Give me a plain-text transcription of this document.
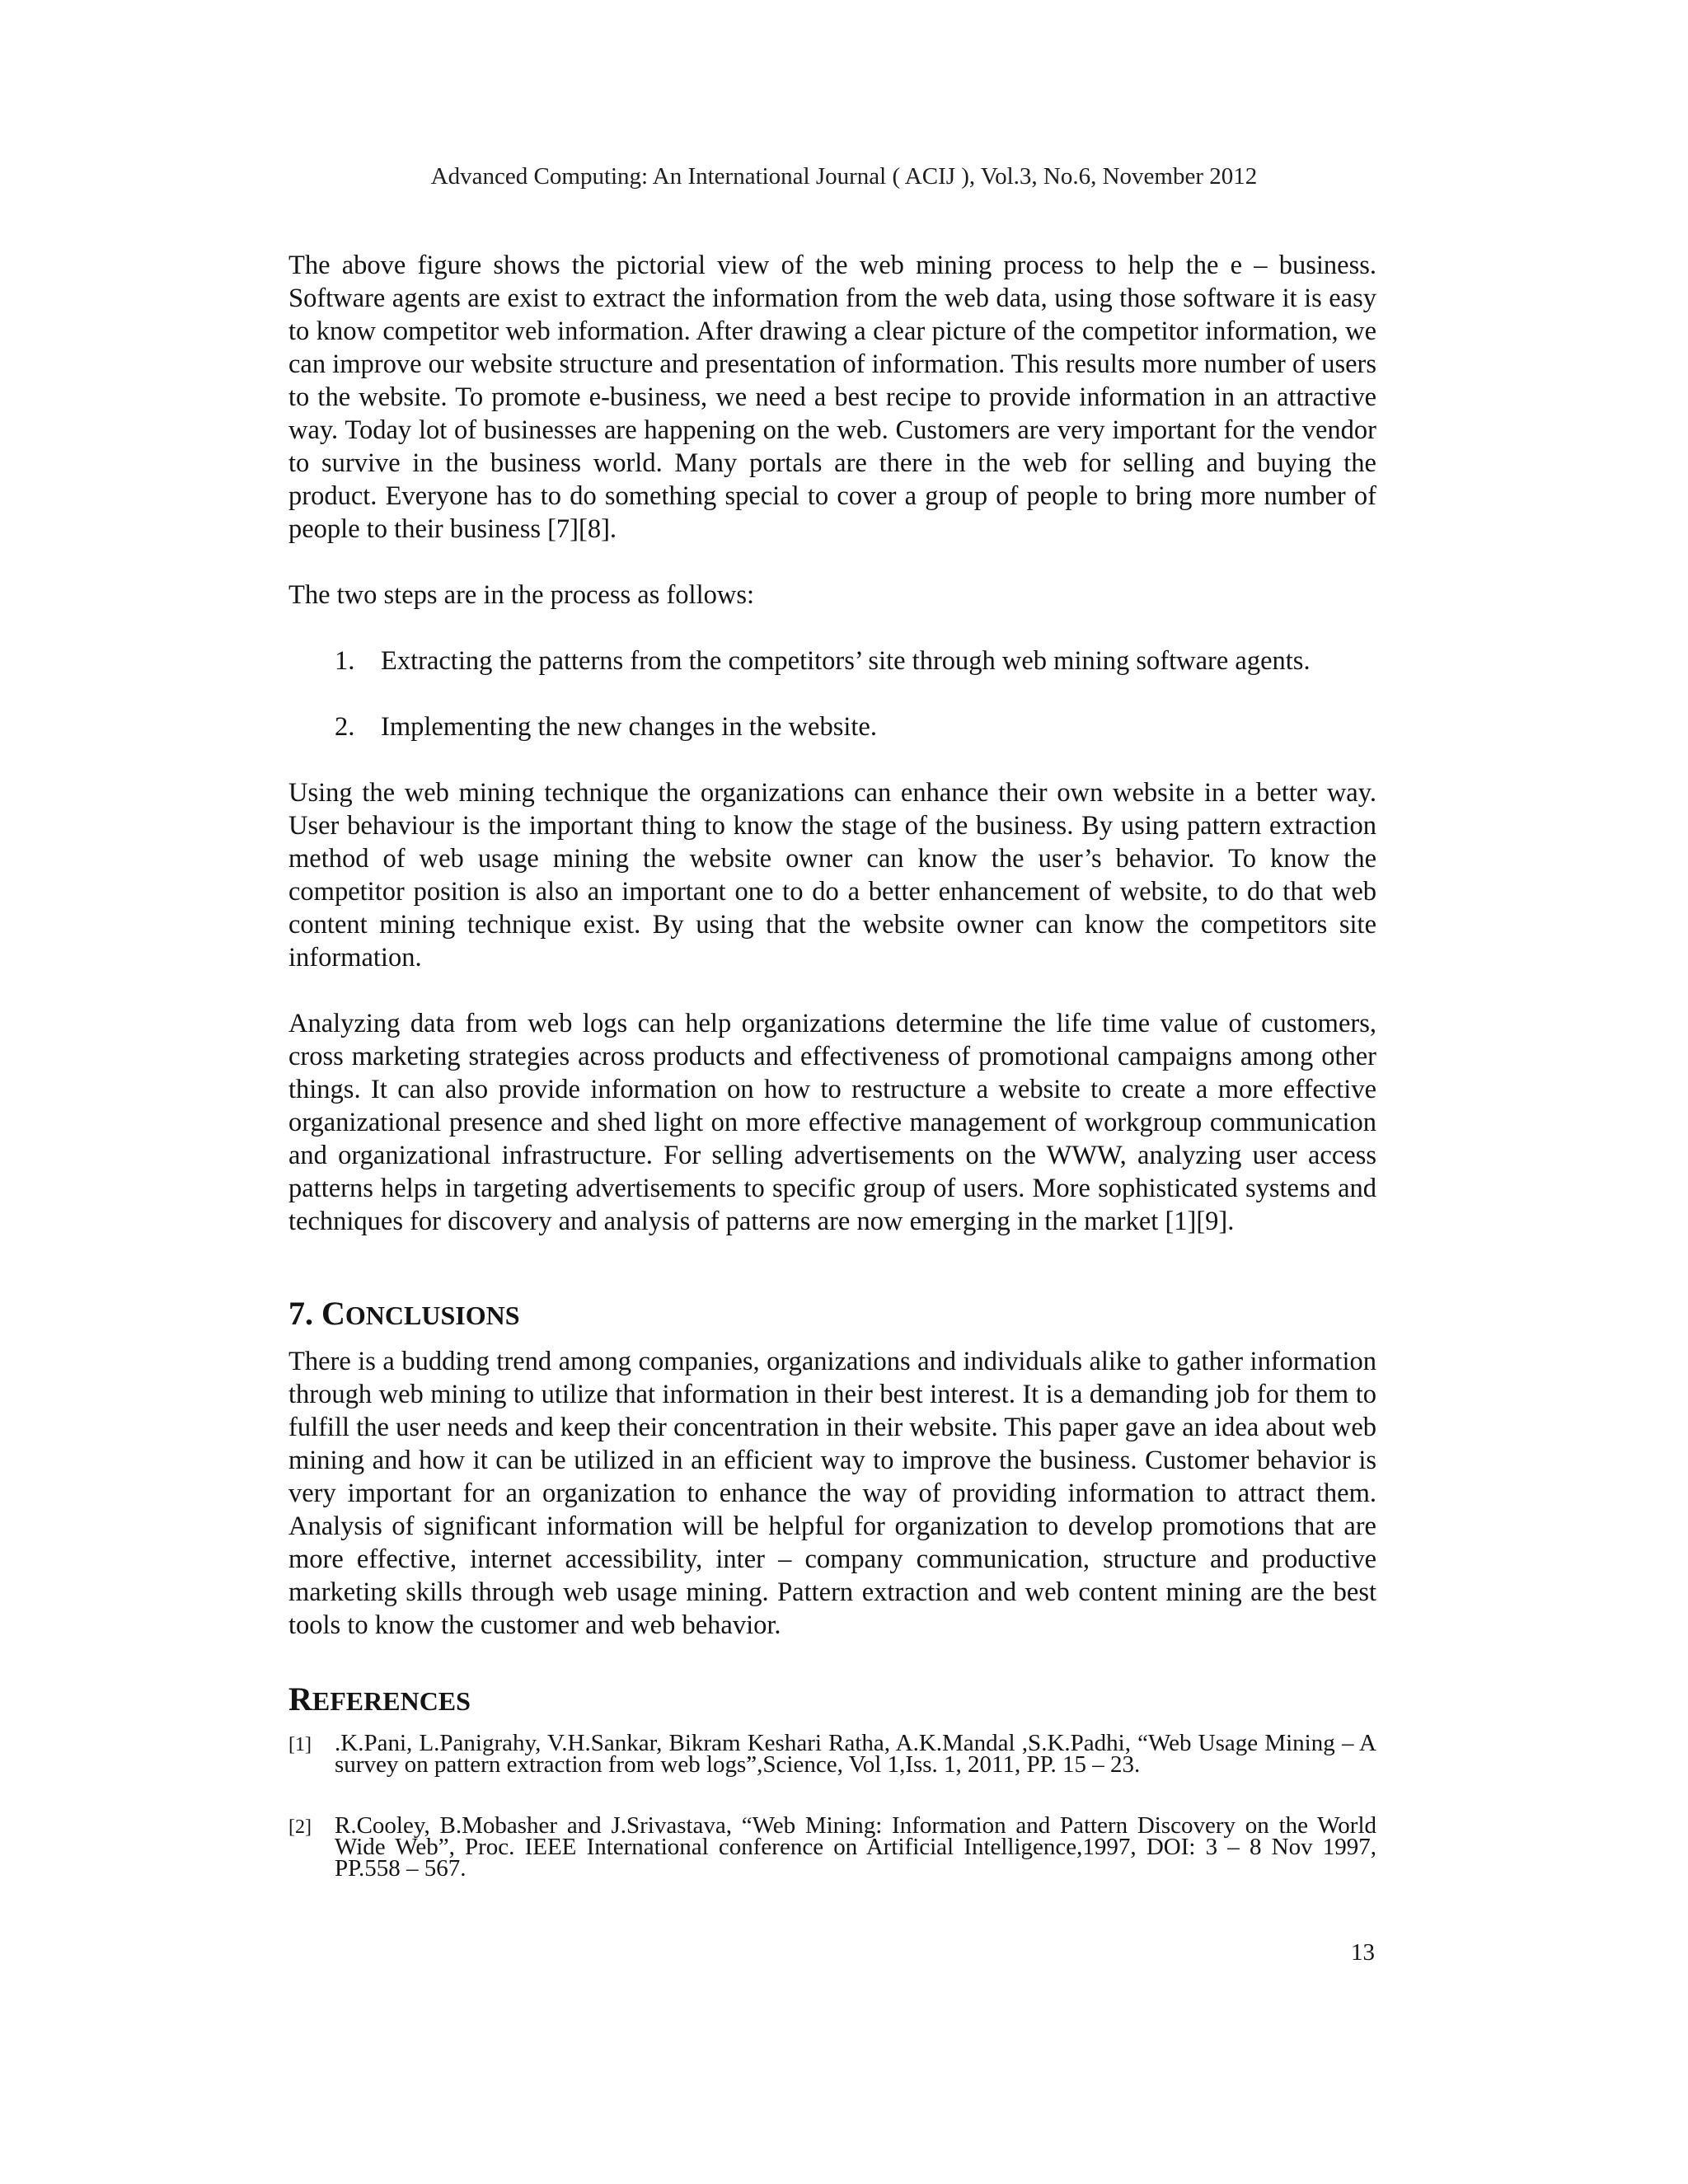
Advanced Computing: An International Journal ( ACIJ ), Vol.3, No.6, November 2012

The above figure shows the pictorial view of the web mining process to help the e – business. Software agents are exist to extract the information from the web data, using those software it is easy to know competitor web information. After drawing a clear picture of the competitor information, we can improve our website structure and presentation of information. This results more number of users to the website. To promote e-business, we need a best recipe to provide information in an attractive way. Today lot of businesses are happening on the web. Customers are very important for the vendor to survive in the business world. Many portals are there in the web for selling and buying the product. Everyone has to do something special to cover a group of people to bring more number of people to their business [7][8].

The two steps are in the process as follows:

1. Extracting the patterns from the competitors’ site through web mining software agents.
2. Implementing the new changes in the website.

Using the web mining technique the organizations can enhance their own website in a better way. User behaviour is the important thing to know the stage of the business. By using pattern extraction method of web usage mining the website owner can know the user’s behavior. To know the competitor position is also an important one to do a better enhancement of website, to do that web content mining technique exist. By using that the website owner can know the competitors site information.

Analyzing data from web logs can help organizations determine the life time value of customers, cross marketing strategies across products and effectiveness of promotional campaigns among other things. It can also provide information on how to restructure a website to create a more effective organizational presence and shed light on more effective management of workgroup communication and organizational infrastructure. For selling advertisements on the WWW, analyzing user access patterns helps in targeting advertisements to specific group of users. More sophisticated systems and techniques for discovery and analysis of patterns are now emerging in the market [1][9].

7. CONCLUSIONS

There is a budding trend among companies, organizations and individuals alike to gather information through web mining to utilize that information in their best interest. It is a demanding job for them to fulfill the user needs and keep their concentration in their website. This paper gave an idea about web mining and how it can be utilized in an efficient way to improve the business. Customer behavior is very important for an organization to enhance the way of providing information to attract them. Analysis of significant information will be helpful for organization to develop promotions that are more effective, internet accessibility, inter – company communication, structure and productive marketing skills through web usage mining. Pattern extraction and web content mining are the best tools to know the customer and web behavior.

REFERENCES
[1] .K.Pani, L.Panigrahy, V.H.Sankar, Bikram Keshari Ratha, A.K.Mandal ,S.K.Padhi, “Web Usage Mining – A survey on pattern extraction from web logs”,Science, Vol 1,Iss. 1, 2011, PP. 15 – 23.
[2] R.Cooley, B.Mobasher and J.Srivastava, “Web Mining: Information and Pattern Discovery on the World Wide Web”, Proc. IEEE International conference on Artificial Intelligence,1997, DOI: 3 – 8 Nov 1997, PP.558 – 567.
13
